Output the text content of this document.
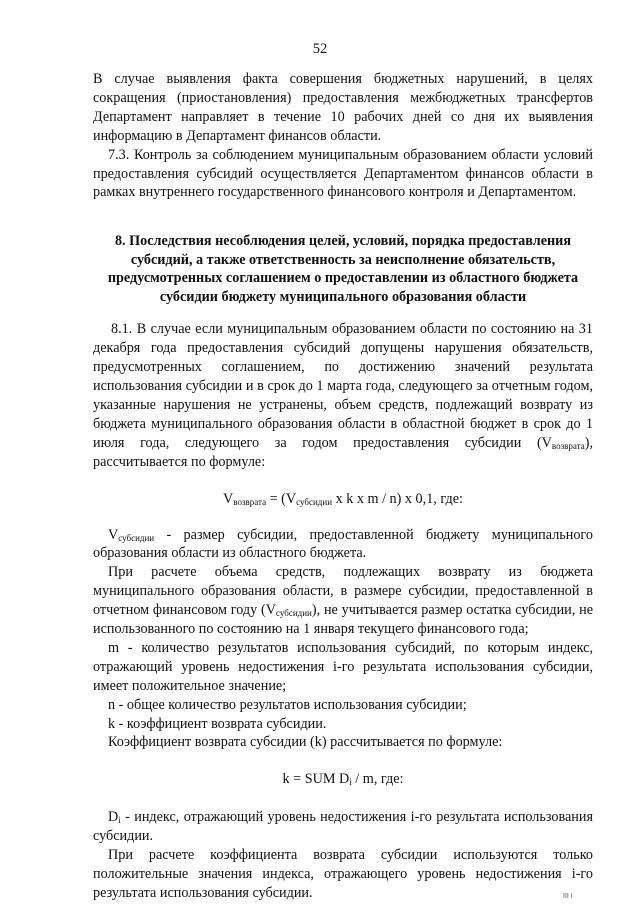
52

В случае выявления факта совершения бюджетных нарушений, в целях сокращения (приостановления) предоставления межбюджетных трансфертов Департамент направляет в течение 10 рабочих дней со дня их выявления информацию в Департамент финансов области.

7.3. Контроль за соблюдением муниципальным образованием области условий предоставления субсидий осуществляется Департаментом финансов области в рамках внутреннего государственного финансового контроля и Департаментом.

8. Последствия несоблюдения целей, условий, порядка предоставления субсидий, а также ответственность за неисполнение обязательств, предусмотренных соглашением о предоставлении из областного бюджета субсидии бюджету муниципального образования области

8.1. В случае если муниципальным образованием области по состоянию на 31 декабря года предоставления субсидий допущены нарушения обязательств, предусмотренных соглашением, по достижению значений результата использования субсидии и в срок до 1 марта года, следующего за отчетным годом, указанные нарушения не устранены, объем средств, подлежащий возврату из бюджета муниципального образования области в областной бюджет в срок до 1 июля года, следующего за годом предоставления субсидии $(V_{возврата})$, рассчитывается по формуле:

$V_{возврата} = (V_{субсидии}$ x k x m / n) x 0,1, где:

$V_{субсидии}$ - размер субсидии, предоставленной бюджету муниципального образования области из областного бюджета.

При расчете объема средств, подлежащих возврату из бюджета муниципального образования области, в размере субсидии, предоставленной в отчетном финансовом году $(V_{субсидии})$, не учитывается размер остатка субсидии, не использованного по состоянию на 1 января текущего финансового года;

m - количество результатов использования субсидий, по которым индекс, отражающий уровень недостижения i-го результата использования субсидии, имеет положительное значение;

n - общее количество результатов использования субсидии;

k - коэффициент возврата субсидии.

Коэффициент возврата субсидии (k) рассчитывается по формуле:

k = SUM $D_i$ / m, где:

$D_i$ - индекс, отражающий уровень недостижения i-го результата использования субсидии.

При расчете коэффициента возврата субсидии используются только положительные значения индекса, отражающего уровень недостижения i-го результата использования субсидии.	III I
